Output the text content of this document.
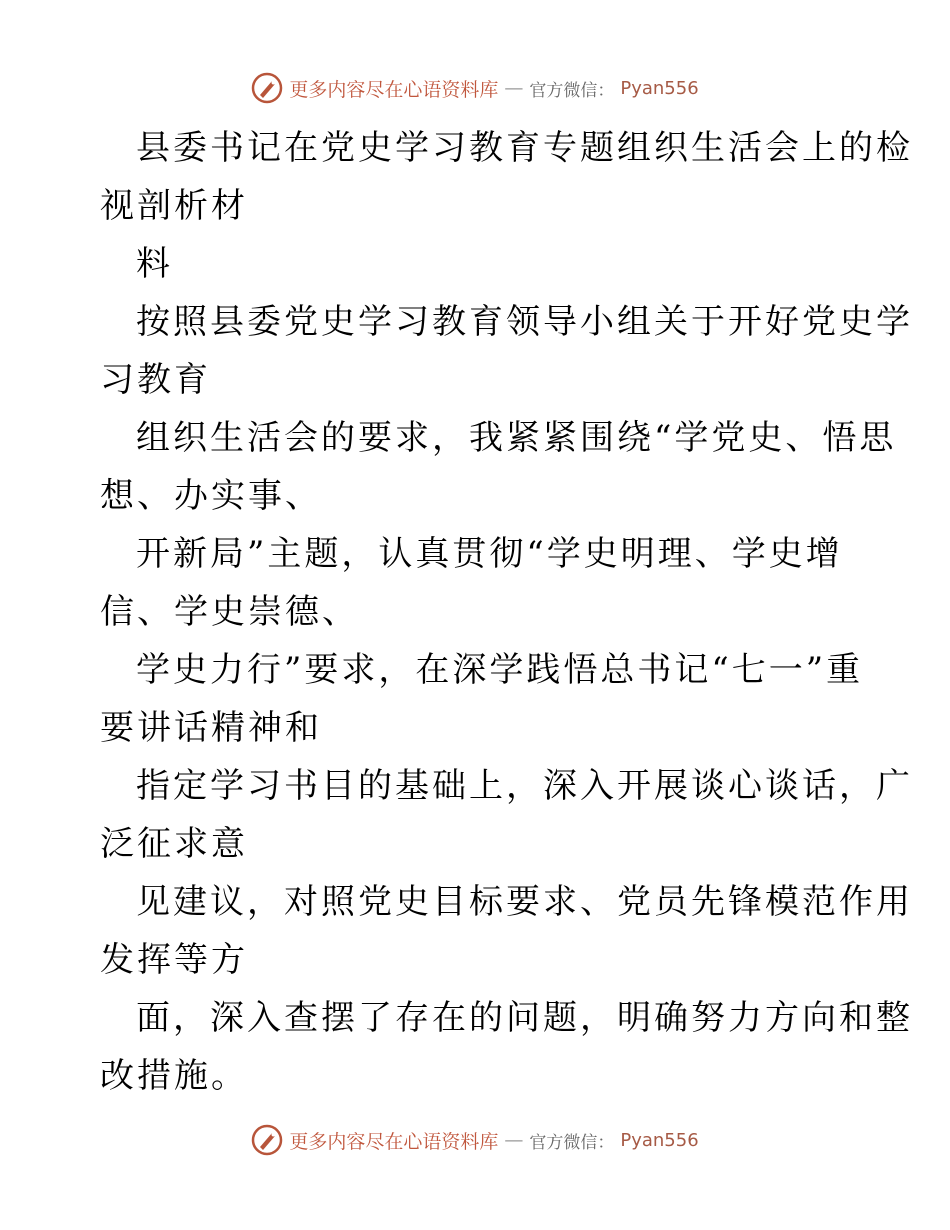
更多内容尽在心语资料库 — 官方微信： Pyan556
县委书记在党史学习教育专题组织生活会上的检
视剖析材
料
按照县委党史学习教育领导小组关于开好党史学
习教育
组织生活会的要求，我紧紧围绕“学党史、悟思
想、办实事、
开新局”主题，认真贯彻“学史明理、学史增
信、学史崇德、
学史力行”要求，在深学践悟总书记“七一”重
要讲话精神和
指定学习书目的基础上，深入开展谈心谈话，广
泛征求意
见建议，对照党史目标要求、党员先锋模范作用
发挥等方
面，深入查摆了存在的问题，明确努力方向和整
改措施。
更多内容尽在心语资料库 — 官方微信： Pyan556
